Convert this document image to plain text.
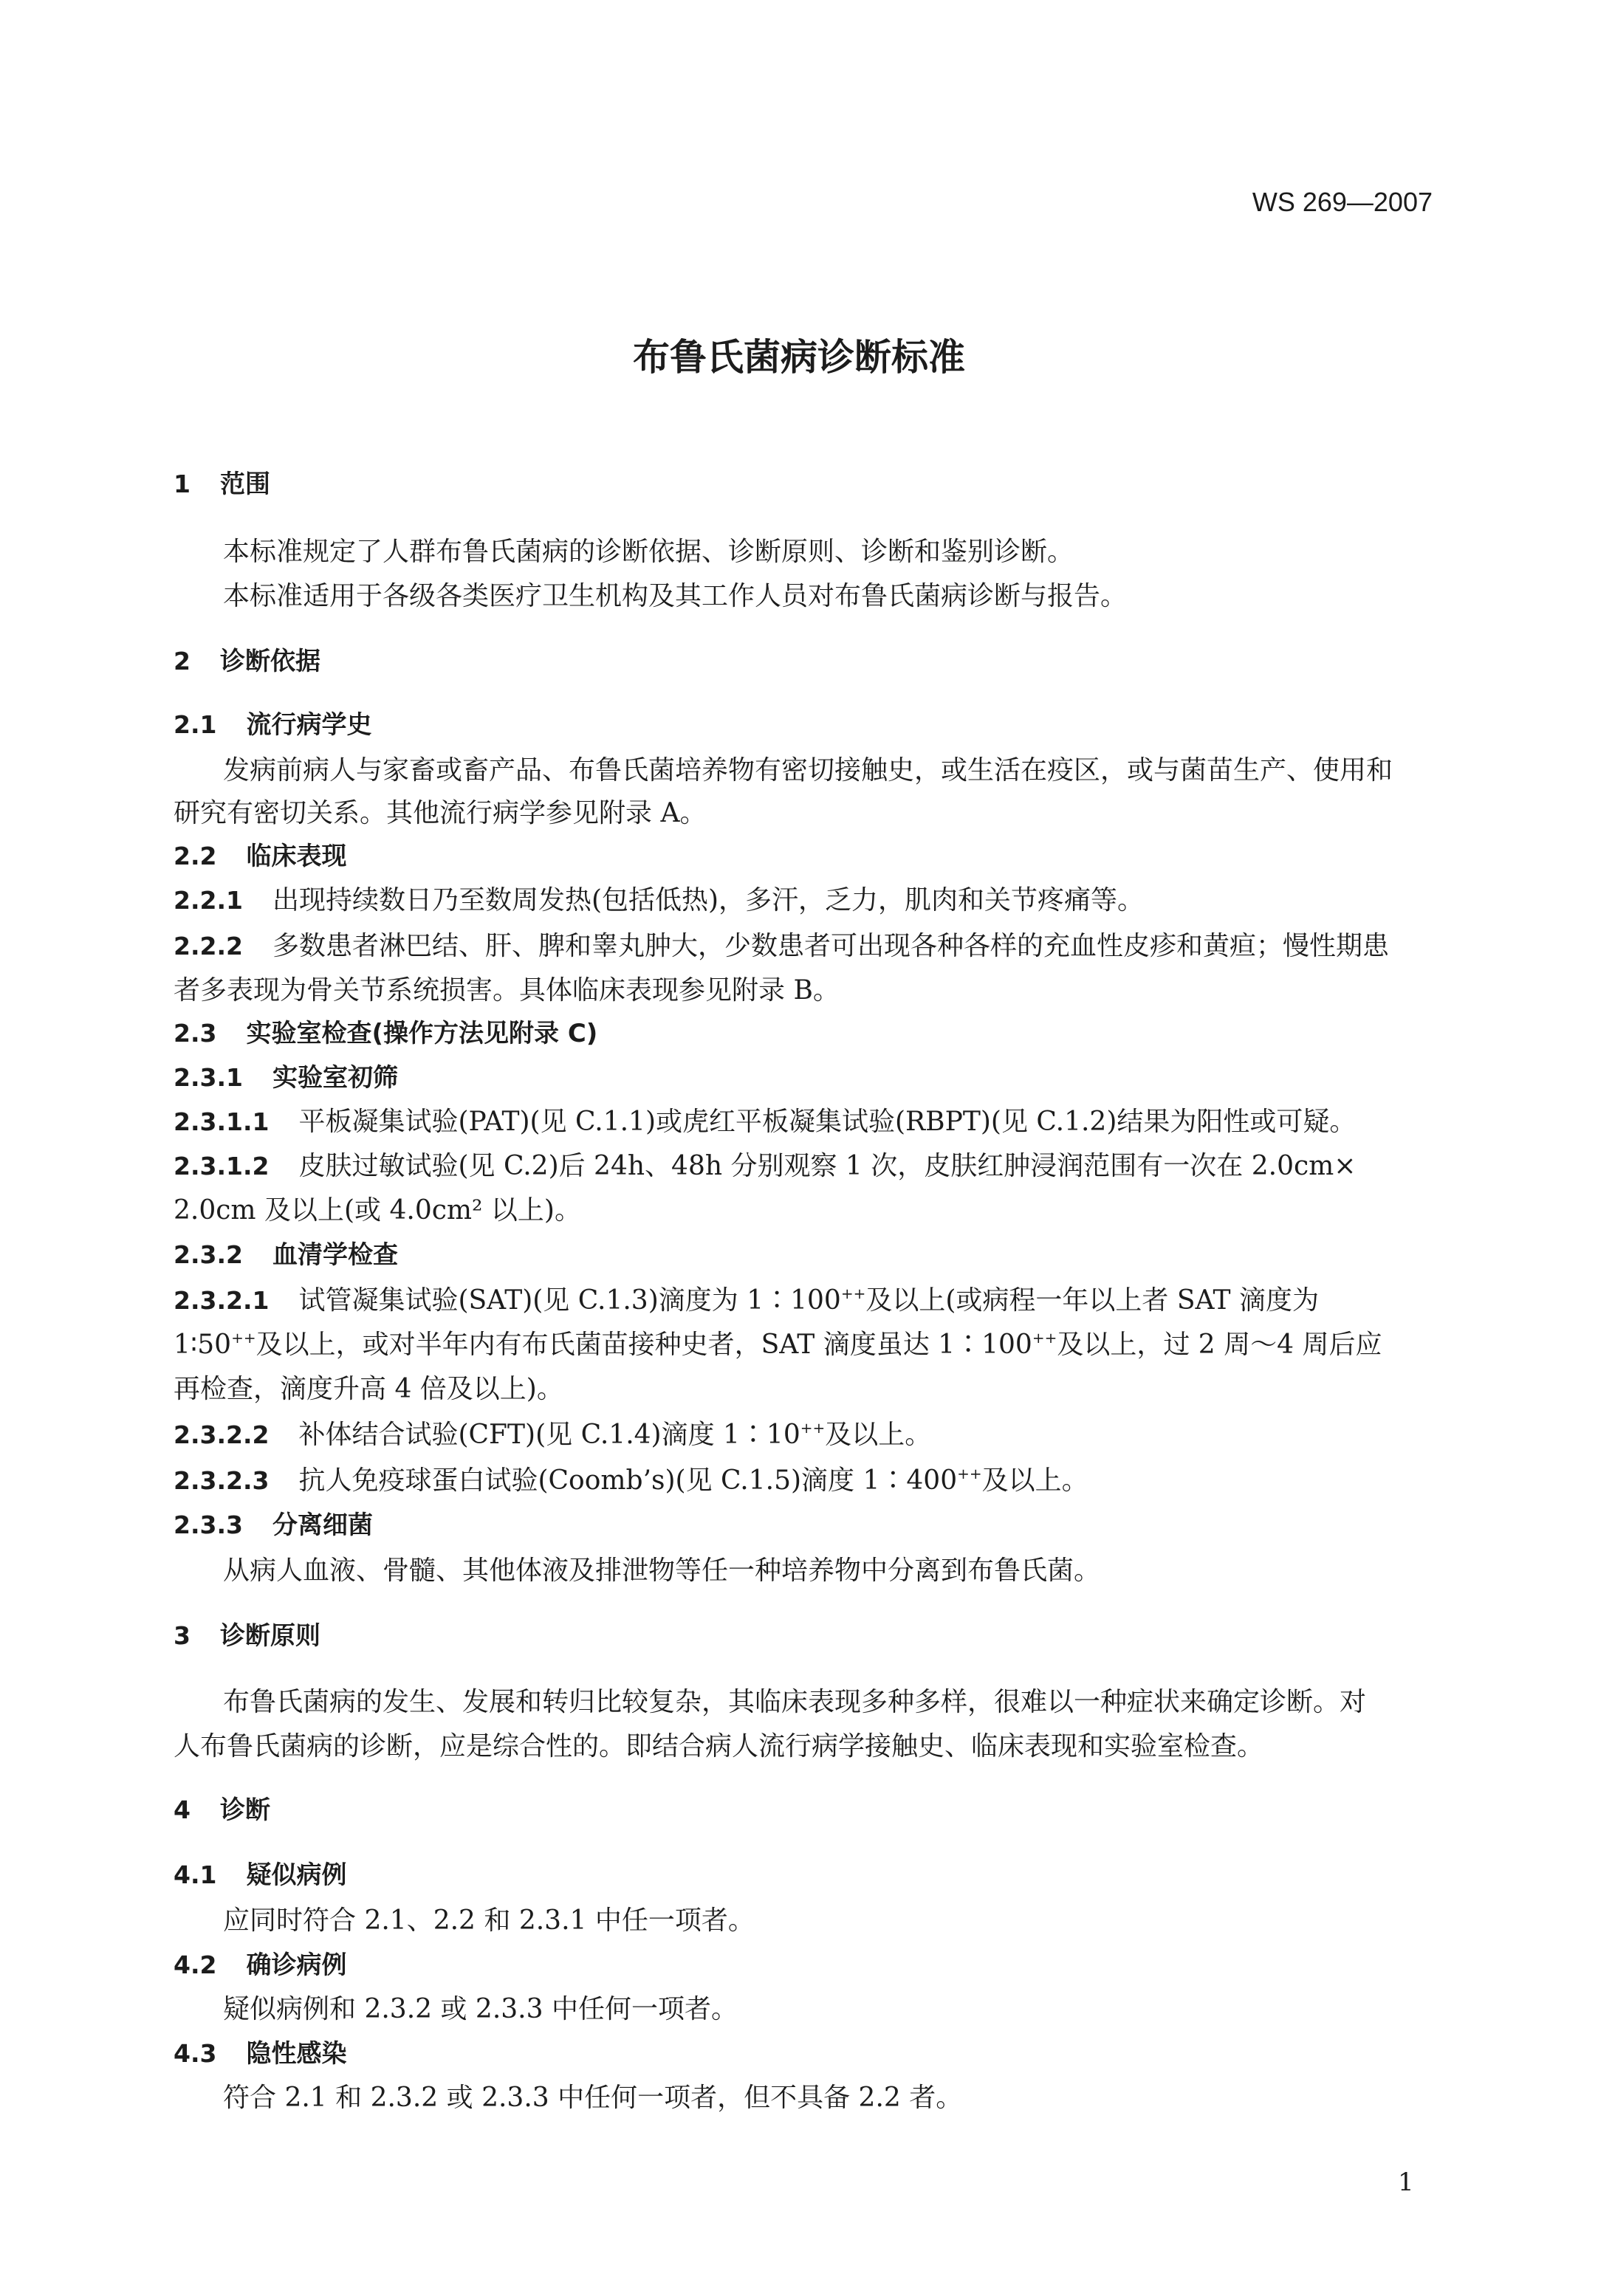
WS 269—2007
布鲁氏菌病诊断标准
1 范围
本标准规定了人群布鲁氏菌病的诊断依据、诊断原则、诊断和鉴别诊断。
本标准适用于各级各类医疗卫生机构及其工作人员对布鲁氏菌病诊断与报告。
2 诊断依据
2.1 流行病学史
发病前病人与家畜或畜产品、布鲁氏菌培养物有密切接触史，或生活在疫区，或与菌苗生产、使用和
研究有密切关系。其他流行病学参见附录 A。
2.2 临床表现
2.2.1 出现持续数日乃至数周发热(包括低热)，多汗，乏力，肌肉和关节疼痛等。
2.2.2 多数患者淋巴结、肝、脾和睾丸肿大，少数患者可出现各种各样的充血性皮疹和黄疸；慢性期患
者多表现为骨关节系统损害。具体临床表现参见附录 B。
2.3 实验室检查(操作方法见附录 C)
2.3.1 实验室初筛
2.3.1.1 平板凝集试验(PAT)(见 C.1.1)或虎红平板凝集试验(RBPT)(见 C.1.2)结果为阳性或可疑。
2.3.1.2 皮肤过敏试验(见 C.2)后 24h、48h 分别观察 1 次，皮肤红肿浸润范围有一次在 2.0cm×
2.0cm 及以上(或 4.0cm² 以上)。
2.3.2 血清学检查
2.3.2.1 试管凝集试验(SAT)(见 C.1.3)滴度为 1∶100++及以上(或病程一年以上者 SAT 滴度为
1∶50++及以上，或对半年内有布氏菌苗接种史者，SAT 滴度虽达 1∶100++及以上，过 2 周～4 周后应
再检查，滴度升高 4 倍及以上)。
2.3.2.2 补体结合试验(CFT)(见 C.1.4)滴度 1∶10++及以上。
2.3.2.3 抗人免疫球蛋白试验(Coomb’s)(见 C.1.5)滴度 1∶400++及以上。
2.3.3 分离细菌
从病人血液、骨髓、其他体液及排泄物等任一种培养物中分离到布鲁氏菌。
3 诊断原则
布鲁氏菌病的发生、发展和转归比较复杂，其临床表现多种多样，很难以一种症状来确定诊断。对
人布鲁氏菌病的诊断，应是综合性的。即结合病人流行病学接触史、临床表现和实验室检查。
4 诊断
4.1 疑似病例
应同时符合 2.1、2.2 和 2.3.1 中任一项者。
4.2 确诊病例
疑似病例和 2.3.2 或 2.3.3 中任何一项者。
4.3 隐性感染
符合 2.1 和 2.3.2 或 2.3.3 中任何一项者，但不具备 2.2 者。
1
